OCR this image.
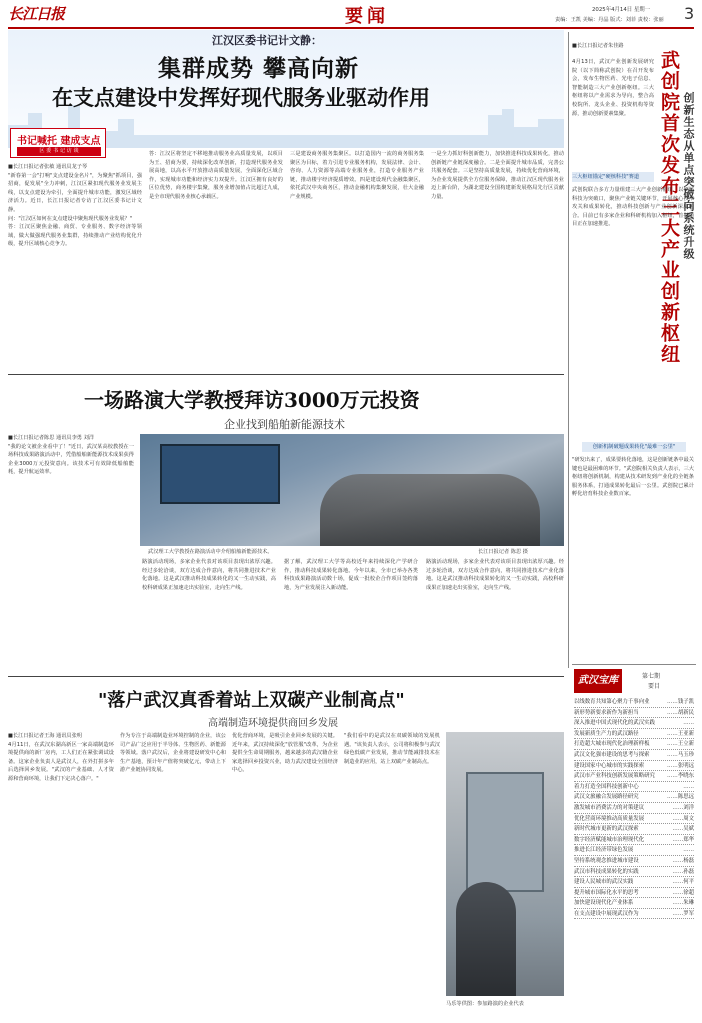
长江日报	要闻	2025年4月14日 星期一
责编：王凯 美编：丹晶 版式：刘菲 责校：张丽 3
江汉区委书记计文静：
集群成势 攀高向新
在支点建设中发挥好现代服务业驱动作用
书记喊托 建成支点
区 委 书 记 访 谈
■长江日报记者张敏 通讯员龙子琴
"新春第一会"打响"支点建设金名片"，为聚焦"抓项目，强招商，促发展"全力冲刺，江汉区紧扣现代服务业发展主线，以支点建设为牵引，全面提升城市功能，激发区域经济活力。近日，长江日报记者专访了江汉区委书记计文静。
问："江汉区如何在支点建设中聚焦现代服务业发展？"
答：江汉区聚焦金融、商贸、专业服务、数字经济等领域，做大做强现代服务业集群，持续推动产业结构优化升级，提升区域核心竞争力。
答：江汉区将坚定不移地推动服务业高质量发展，以项目为王、招商为要，持续深化改革创新，打造现代服务业发展高地，以高水平开放推动高质量发展，全面深化区域合作，实现城市功能和经济实力双提升。江汉区拥有良好的区位优势，商务楼宇集聚，服务业增加值占比超过九成，是全市现代服务业核心承载区。
三是建设商务服务集聚区。以打造国内一流的商务服务集聚区为目标，着力引进专业服务机构，发展法律、会计、咨询、人力资源等高端专业服务业，打造专业服务产业链，推动楼宇经济提质增效。四是建设现代金融集聚区，依托武汉中央商务区，推动金融机构集聚发展，壮大金融产业规模。
一是全力抓好科创新能力，加快推进科技成果转化，推动创新链产业链深度融合。二是全面提升城市品质，完善公共服务配套。三是坚持高质量发展，持续优化营商环境，为企业发展提供全方位服务保障，推动江汉区现代服务业迈上新台阶，为湖北建设全国构建新发展格局先行区贡献力量。
■长江日报记者朱佳路
武创院首次发布三大产业创新枢纽 创新生态从单点突破向系统升级
4月13日，武汉产业创新发展研究院（以下简称武创院）在召开发布会，发布生物医药、光电子信息、智能制造三大产业创新枢纽。三大枢纽将以产业需求为导向，整合高校院所、龙头企业、投资机构等资源，推动创新要素集聚。
三大枢纽锚定"硬核科技"赛道
武创院联合多方力量组建三大产业创新枢纽，以硬核科技为突破口，聚焦产业链关键环节，开展核心技术攻关和成果转化，推动科技创新与产业创新深度融合。目前已有多家企业和科研机构加入枢纽，首批项目正在加速推进。
创新机制破题成果转化"最难一公里"
"研发出来了，成果要转化落地，这是创新链条中最关键也是最困难的环节。"武创院相关负责人表示，三大枢纽将创新机制，构建从技术研发到产业化的全链条服务体系，打通成果转化最后一公里。武创院已累计孵化培育科技企业数百家。
武汉宝库	第七期
要目
以线数育共知第心聚力千事向业	……钱子凯
新形势新要求新作为新担当	……胡新民
深入推进中国式现代化的武汉实践	……
发展新质生产力的武汉路径	……王亚新
打造超大城市现代化治理新样板	……王立新
武汉文化强市建设的思考与探索	……马玉珍
建设国家中心城市的实践探索	……张明远
武汉市产业科技创新发展策略研究 ……李晓东
着力打造全国科技创新中心	……
武汉文旅融合发展路径研究	……陈思远
激发城市消费活力的对策建议	……刘洋
优化营商环境推动高质量发展	……周文
新时代城市更新的武汉探索	……吴斌
数字经济赋能城市治理现代化	……郑华
推进长江经济带绿色发展	……
坚持系统观念推进城市建设	……杨磊
武汉市科技成果转化的实践	……孙磊
建设人民城市的武汉实践	……何平
提升城市国际化水平的思考	……徐超
加快建设现代化产业体系	……朱琳
在支点建设中展现武汉作为	……罗军
一场路演大学教授拜访3000万元投资
企业找到船舶新能源技术
■长江日报记者陈思 通讯员李勇 刘洋
"我的论文被企业看中了！"近日，武汉某高校教授在一场科技成果路演活动中，凭借船舶新能源技术成果获得企业3000万元投资意向。该技术可有效降低船舶能耗，提升航运效率。
武汉理工大学教授在路演活动中介绍船舶新能源技术。	长江日报记者 陈思 摄
路演活动现场，多家企业代表对该项目表现出浓厚兴趣。经过多轮洽谈，双方达成合作意向，将共同推进技术产业化落地。这是武汉推动科技成果转化的又一生动实践，高校科研成果正加速走出实验室，走向生产线。
据了解，武汉理工大学等高校近年来持续深化产学研合作，推动科技成果转化落地。今年以来，全市已举办各类科技成果路演活动数十场，促成一批校企合作项目签约落地，为产业发展注入新动能。
路演活动现场，多家企业代表对该项目表现出浓厚兴趣。经过多轮洽谈，双方达成合作意向，将共同推进技术产业化落地。这是武汉推动科技成果转化的又一生动实践，高校科研成果正加速走出实验室，走向生产线。
"落户武汉真香着站上双碳产业制高点"
高端制造环境提供商回乡发展
■长江日报记者王海 通讯员张明
4月11日，在武汉东湖高新区一家高端制造环境提供商的新厂房内，工人们正在紧张调试设备。这家企业负责人是武汉人，在外打拼多年后选择回乡发展。"武汉的产业基础、人才资源和营商环境，让我们下定决心落户。"
作为专注于高端制造业环境控制的企业，该公司产品广泛应用于半导体、生物医药、新能源等领域。落户武汉后，企业将建设研发中心和生产基地，预计年产值将突破亿元，带动上下游产业链协同发展。
优化营商环境，是吸引企业回乡发展的关键。近年来，武汉持续深化"放管服"改革，为企业提供全生命周期服务，越来越多的武汉籍企业家选择回乡投资兴业，助力武汉建设全国经济中心。
"我们看中的是武汉在双碳领域的发展机遇。"该负责人表示，公司将积极参与武汉绿色低碳产业发展，推动节能减排技术在制造业的应用，站上双碳产业制高点。
马乐等供图：参加路演的企业代表
